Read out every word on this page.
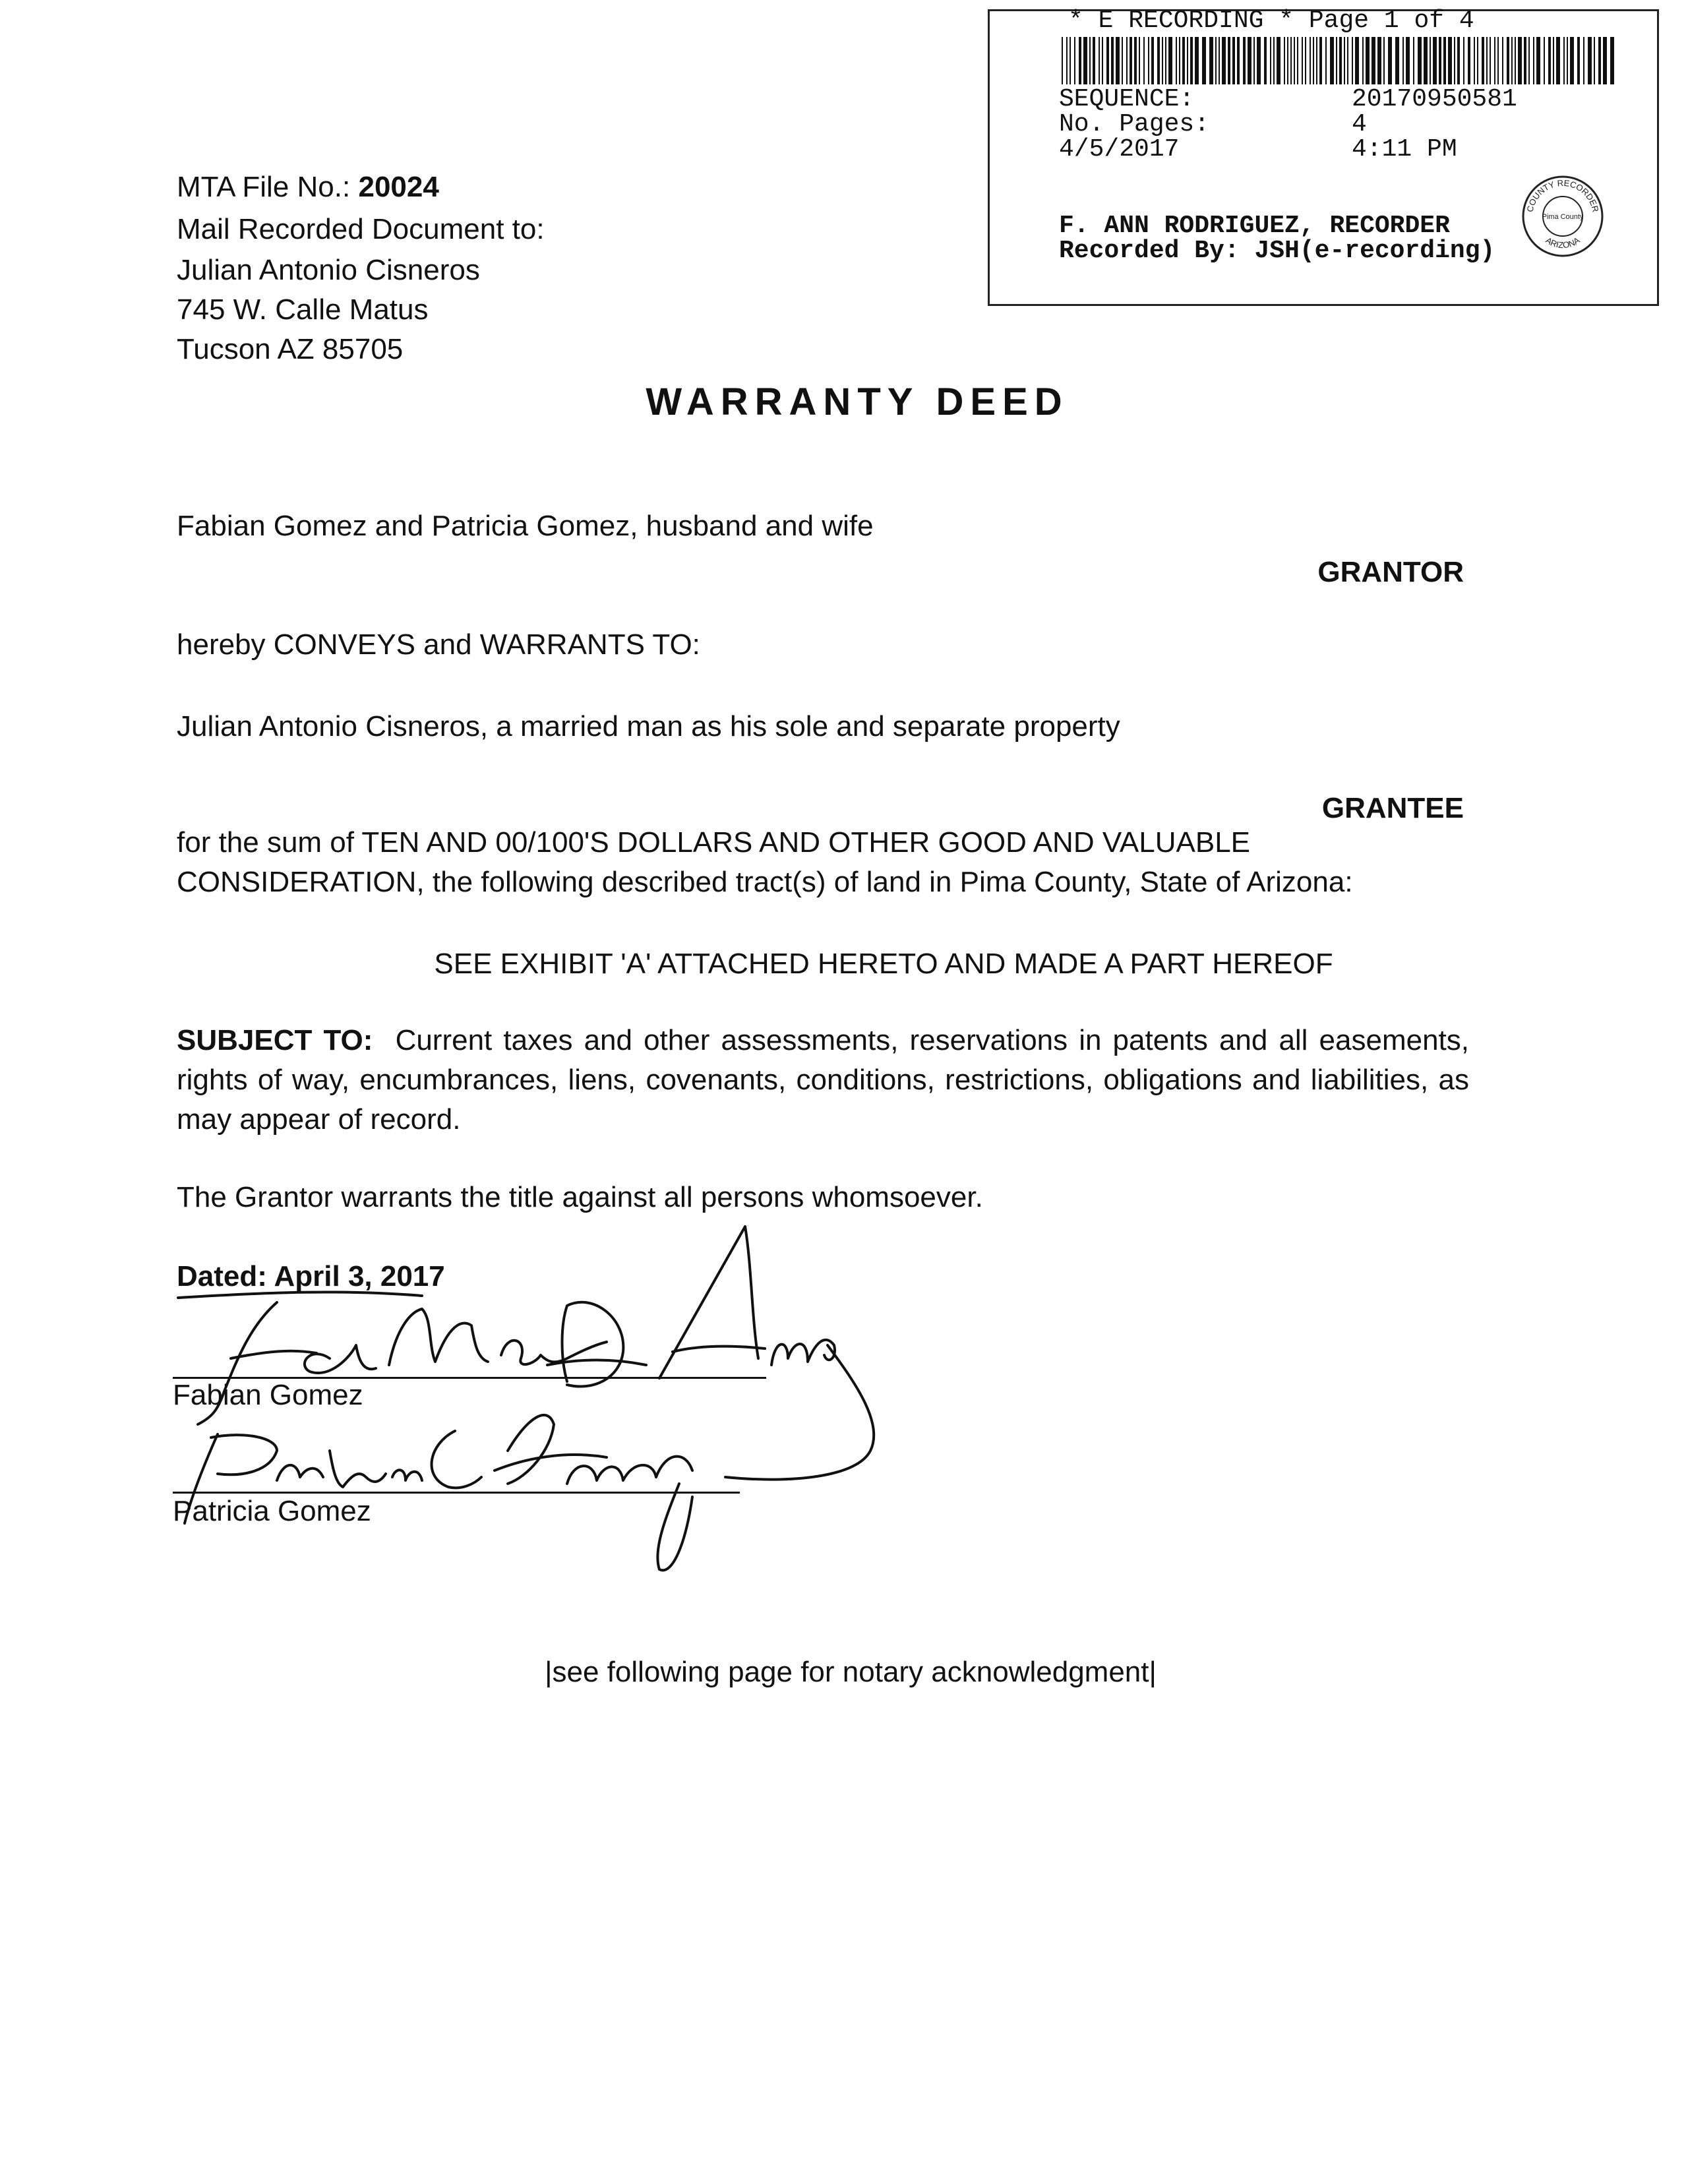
* E RECORDING * Page 1 of 4
SEQUENCE:	20170950581
No. Pages:	4
4/5/2017	4:11 PM
F. ANN RODRIGUEZ, RECORDER
Recorded By: JSH(e-recording)
COUNTY RECORDER
ARIZONA
Pima County
MTA File No.: 20024
Mail Recorded Document to:
Julian Antonio Cisneros
745 W. Calle Matus
Tucson AZ 85705
WARRANTY DEED
Fabian Gomez and Patricia Gomez, husband and wife
GRANTOR
hereby CONVEYS and WARRANTS TO:
Julian Antonio Cisneros, a married man as his sole and separate property
GRANTEE
for the sum of TEN AND 00/100'S DOLLARS AND OTHER GOOD AND VALUABLE CONSIDERATION, the following described tract(s) of land in Pima County, State of Arizona:
SEE EXHIBIT 'A' ATTACHED HERETO AND MADE A PART HEREOF
SUBJECT TO: Current taxes and other assessments, reservations in patents and all easements, rights of way, encumbrances, liens, covenants, conditions, restrictions, obligations and liabilities, as may appear of record.
The Grantor warrants the title against all persons whomsoever.
Dated: April 3, 2017
Fabian Gomez
Patricia Gomez
|see following page for notary acknowledgment|
